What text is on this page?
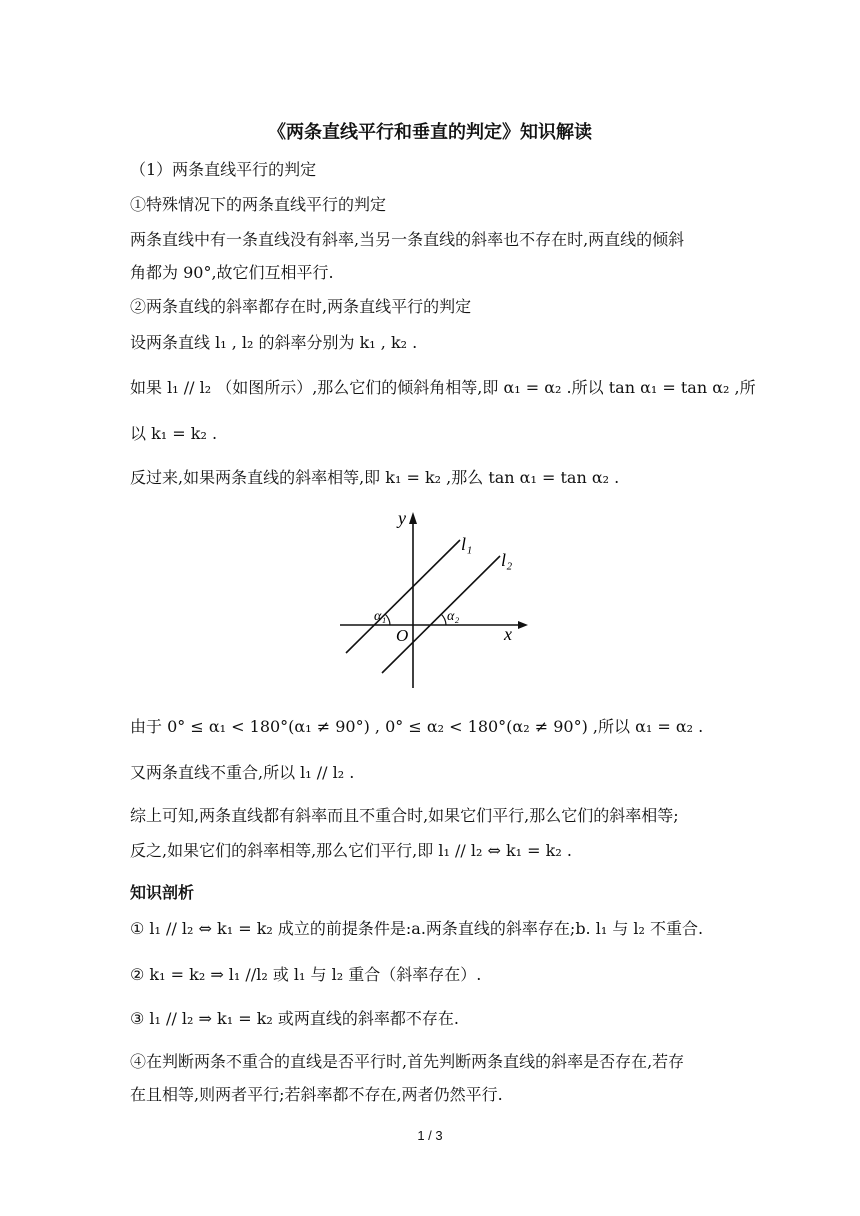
《两条直线平行和垂直的判定》知识解读
（1）两条直线平行的判定
①特殊情况下的两条直线平行的判定
两条直线中有一条直线没有斜率,当另一条直线的斜率也不存在时,两直线的倾斜
角都为 90°,故它们互相平行.
②两条直线的斜率都存在时,两条直线平行的判定
设两条直线 l₁ , l₂ 的斜率分别为 k₁ , k₂ .
如果 l₁ // l₂ （如图所示）,那么它们的倾斜角相等,即 α₁ = α₂ .所以 tan α₁ = tan α₂ ,所
以 k₁ = k₂ .
反过来,如果两条直线的斜率相等,即 k₁ = k₂ ,那么 tan α₁ = tan α₂ .
y
x
O
l₁
l₂
α₁	α₂
由于 0° ≤ α₁ < 180°(α₁ ≠ 90°) , 0° ≤ α₂ < 180°(α₂ ≠ 90°) ,所以 α₁ = α₂ .
又两条直线不重合,所以 l₁ // l₂ .
综上可知,两条直线都有斜率而且不重合时,如果它们平行,那么它们的斜率相等;
反之,如果它们的斜率相等,那么它们平行,即 l₁ // l₂ ⇔ k₁ = k₂ .
知识剖析
① l₁ // l₂ ⇔ k₁ = k₂ 成立的前提条件是:a.两条直线的斜率存在;b. l₁ 与 l₂ 不重合.
② k₁ = k₂ ⇒ l₁ //l₂ 或 l₁ 与 l₂ 重合（斜率存在）.
③ l₁ // l₂ ⇒ k₁ = k₂ 或两直线的斜率都不存在.
④在判断两条不重合的直线是否平行时,首先判断两条直线的斜率是否存在,若存
在且相等,则两者平行;若斜率都不存在,两者仍然平行.
1 / 3
